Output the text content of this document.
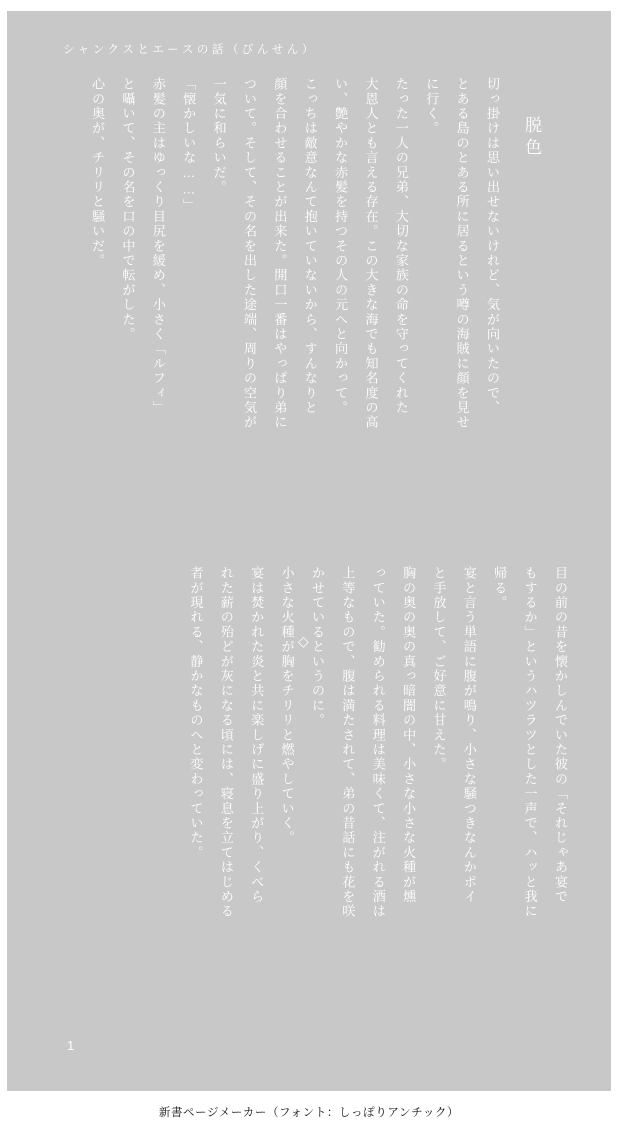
シャンクスとエースの話（びんせん）
脱色
切っ掛けは思い出せないけれど、気が向いたので、
とある島のとある所に居るという噂の海賊に顔を見せ
に行く。
たった一人の兄弟、大切な家族の命を守ってくれた
大恩人とも言える存在。この大きな海でも知名度の高
い、艶やかな赤髪を持つその人の元へと向かって。
こっちは敵意なんて抱いていないから、すんなりと
顔を合わせることが出来た。開口一番はやっぱり弟に
ついて。そして、その名を出した途端、周りの空気が
一気に和らいだ。
「懐かしいな……」
赤髪の主はゆっくり目尻を緩め、小さく「ルフィ」
と囁いて、その名を口の中で転がした。
心の奥が、チリリと騒いだ。
◇	目の前の昔を懐かしんでいた彼の「それじゃあ宴で
もするか」というハツラツとした一声で、ハッと我に
帰る。
宴と言う単語に腹が鳴り、小さな騒つきなんかポイ
と手放して、ご好意に甘えた。
胸の奥の奥の真っ暗闇の中、小さな小さな火種が燻
っていた。勧められる料理は美味くて、注がれる酒は
上等なもので、腹は満たされて、弟の昔話にも花を咲
かせているというのに。
小さな火種が胸をチリリと燃やしていく。
宴は焚かれた炎と共に楽しげに盛り上がり、くべら
れた薪の殆どが灰になる頃には、寝息を立てはじめる
者が現れる、静かなものへと変わっていた。
1
新書ページメーカー（フォント：しっぽりアンチック）
